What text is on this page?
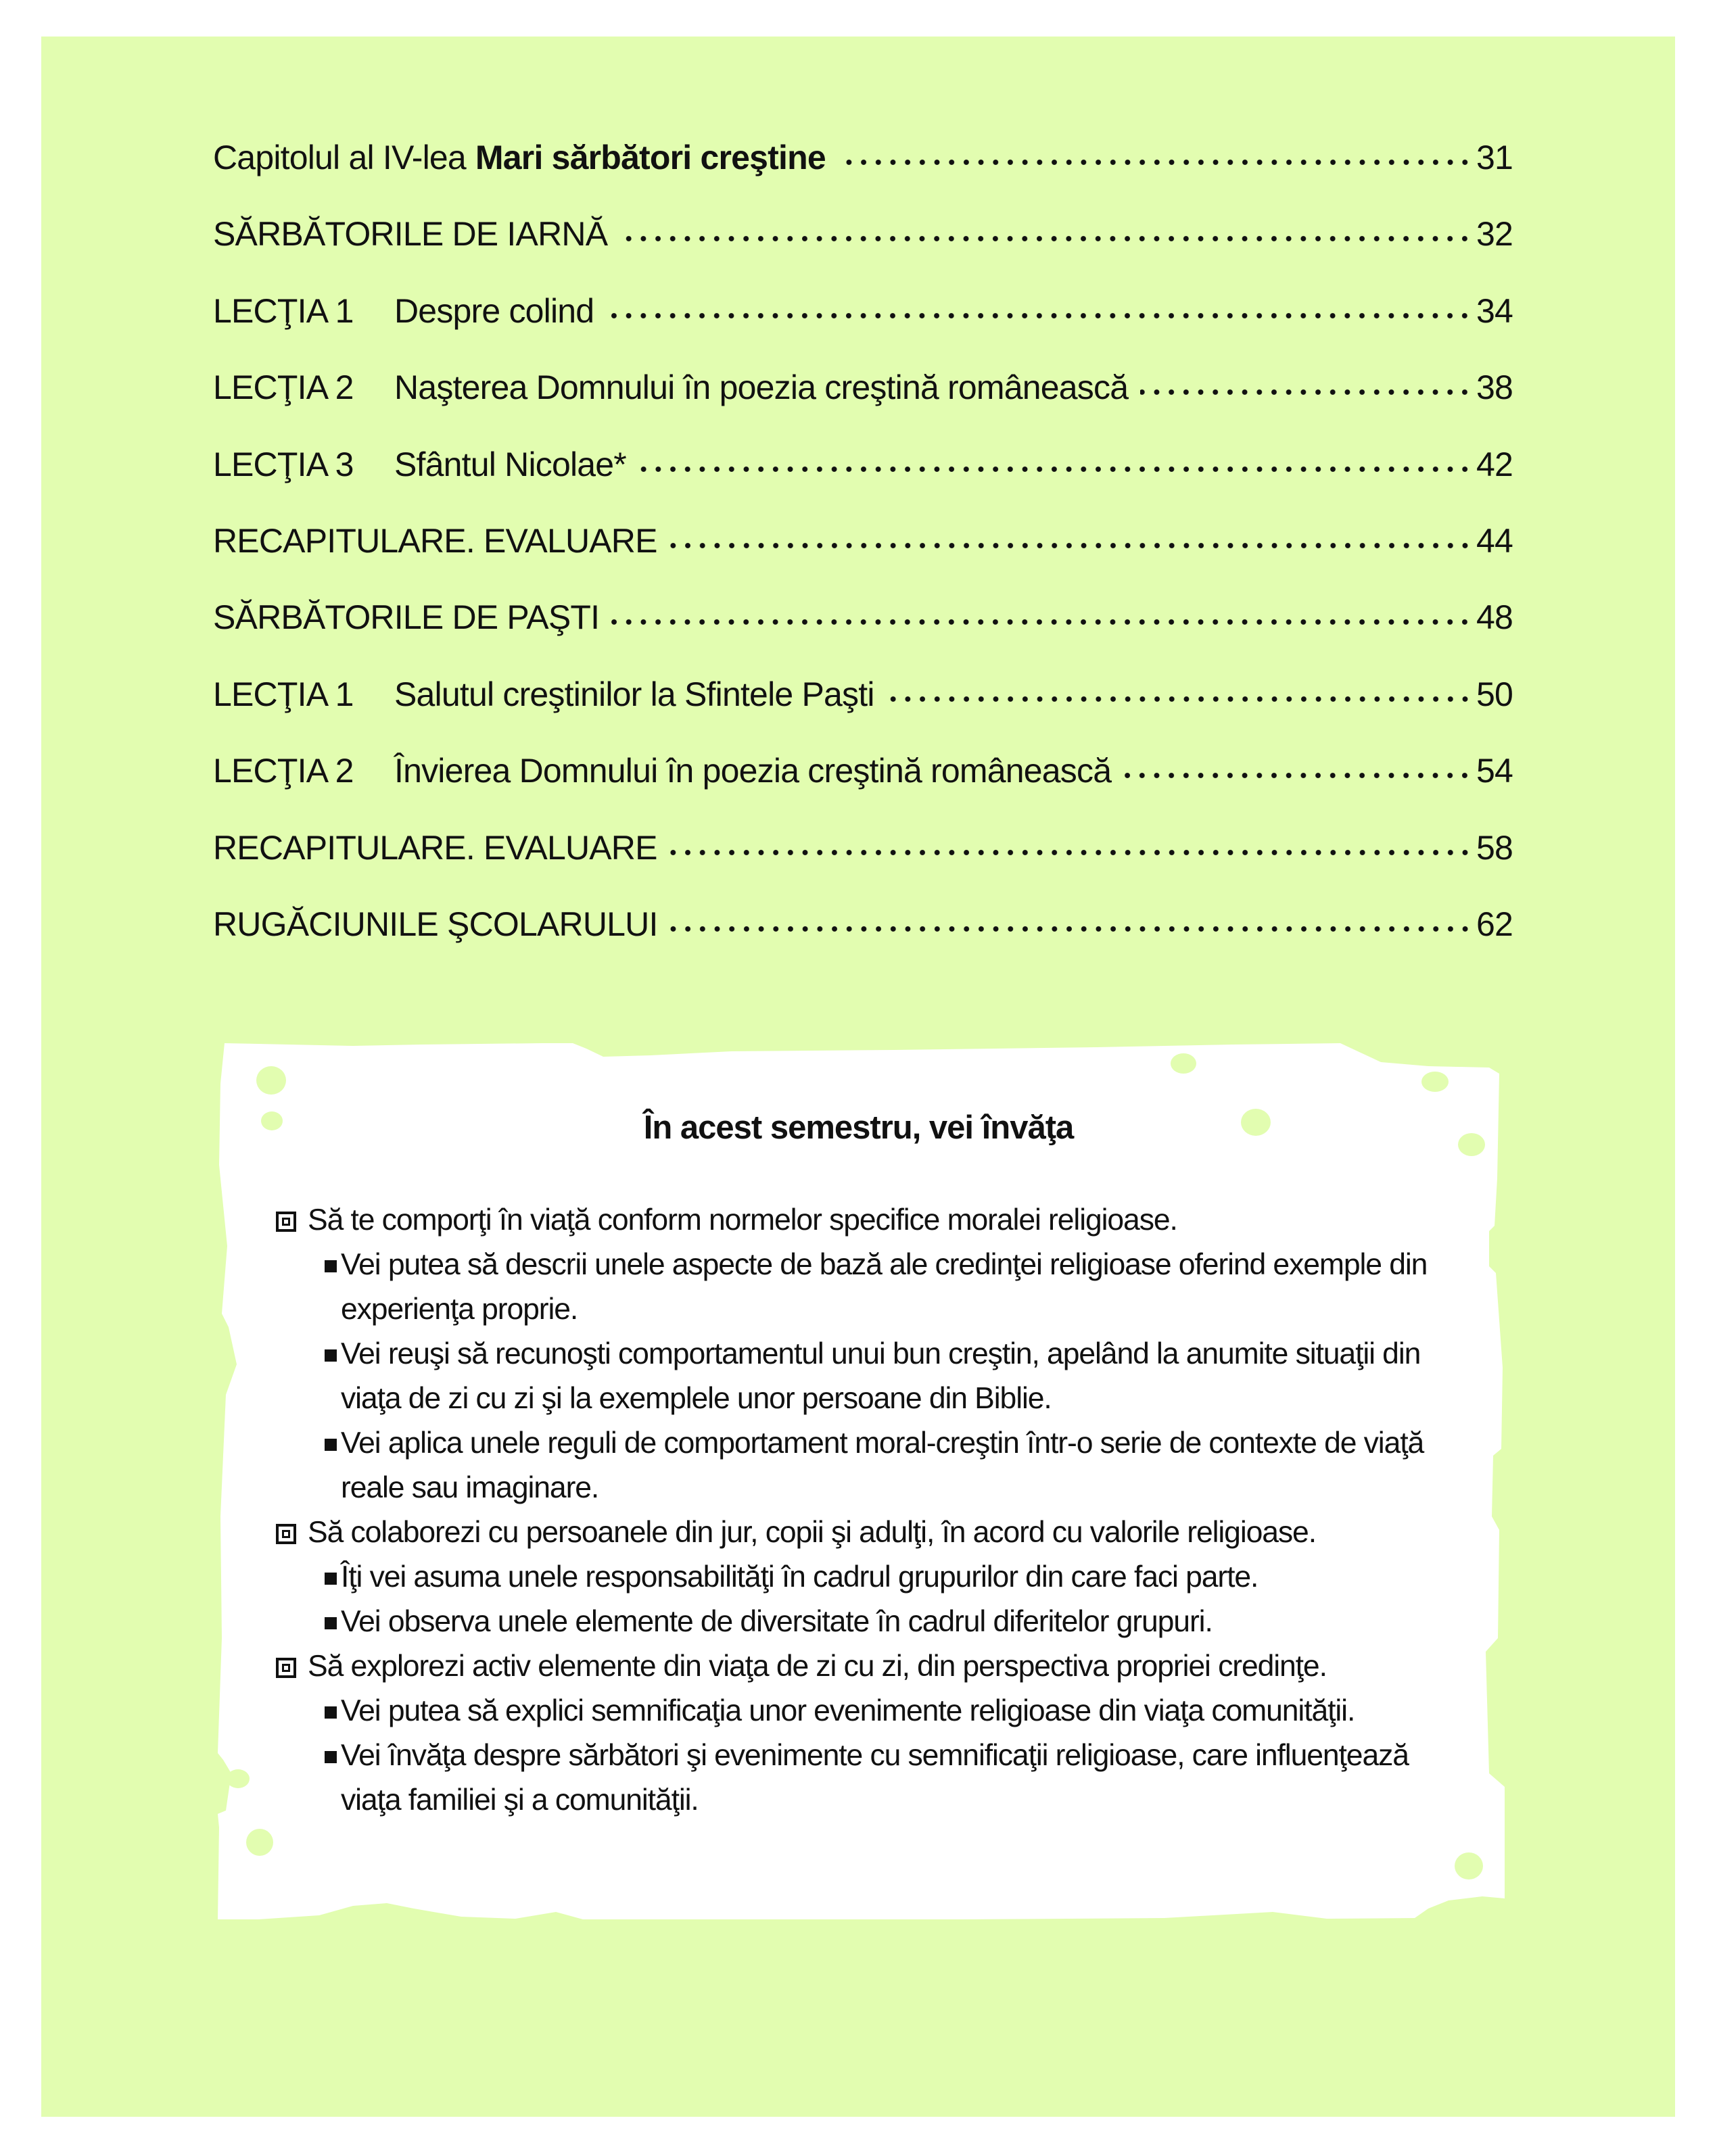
Capitolul al IV-lea Mari sărbători creştine	31
SĂRBĂTORILE DE IARNĂ	32
LECŢIA 1	Despre colind	34
LECŢIA 2	Naşterea Domnului în poezia creştină românească	38
LECŢIA 3	Sfântul Nicolae*	42
RECAPITULARE. EVALUARE	44
SĂRBĂTORILE DE PAŞTI	48
LECŢIA 1	Salutul creştinilor la Sfintele Paşti	50
LECŢIA 2	Învierea Domnului în poezia creştină românească	54
RECAPITULARE. EVALUARE	58
RUGĂCIUNILE ŞCOLARULUI	62
În acest semestru, vei învăţa
Să te comporţi în viaţă conform normelor specifice moralei religioase.
Vei putea să descrii unele aspecte de bază ale credinţei religioase oferind exemple din experienţa proprie.
Vei reuşi să recunoşti comportamentul unui bun creştin, apelând la anumite situaţii din viaţa de zi cu zi şi la exemplele unor persoane din Biblie.
Vei aplica unele reguli de comportament moral-creştin într-o serie de contexte de viaţă reale sau imaginare.
Să colaborezi cu persoanele din jur, copii şi adulţi, în acord cu valorile religioase.
Îţi vei asuma unele responsabilităţi în cadrul grupurilor din care faci parte.
Vei observa unele elemente de diversitate în cadrul diferitelor grupuri.
Să explorezi activ elemente din viaţa de zi cu zi, din perspectiva propriei credinţe.
Vei putea să explici semnificaţia unor evenimente religioase din viaţa comunităţii.
Vei învăţa despre sărbători şi evenimente cu semnificaţii religioase, care influenţează viaţa familiei şi a comunităţii.
